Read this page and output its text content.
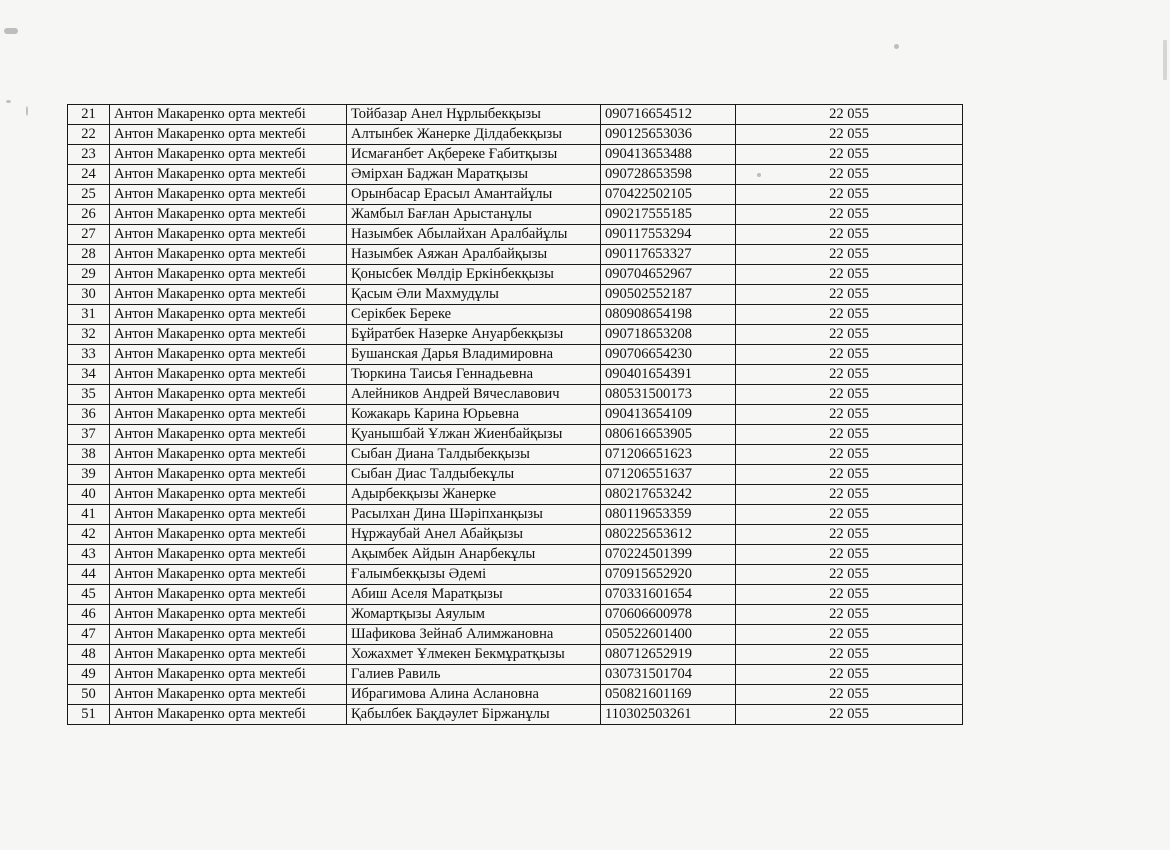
21	Антон Макаренко орта мектебі	Тойбазар Анел Нұрлыбекқызы	090716654512	22 055
22	Антон Макаренко орта мектебі	Алтынбек Жанерке Ділдабекқызы	090125653036	22 055
23	Антон Макаренко орта мектебі	Исмағанбет Ақбереке Ғабитқызы	090413653488	22 055
24	Антон Макаренко орта мектебі	Әмірхан Баджан Маратқызы	090728653598	22 055
25	Антон Макаренко орта мектебі	Орынбасар Ерасыл Амантайұлы	070422502105	22 055
26	Антон Макаренко орта мектебі	Жамбыл Бағлан Арыстанұлы	090217555185	22 055
27	Антон Макаренко орта мектебі	Назымбек Абылайхан Аралбайұлы	090117553294	22 055
28	Антон Макаренко орта мектебі	Назымбек Аяжан Аралбайқызы	090117653327	22 055
29	Антон Макаренко орта мектебі	Қонысбек Мөлдір Еркінбекқызы	090704652967	22 055
30	Антон Макаренко орта мектебі	Қасым Әли Махмудұлы	090502552187	22 055
31	Антон Макаренко орта мектебі	Серікбек Береке	080908654198	22 055
32	Антон Макаренко орта мектебі	Бұйратбек Назерке Ануарбекқызы	090718653208	22 055
33	Антон Макаренко орта мектебі	Бушанская Дарья Владимировна	090706654230	22 055
34	Антон Макаренко орта мектебі	Тюркина Таисья Геннадьевна	090401654391	22 055
35	Антон Макаренко орта мектебі	Алейников Андрей Вячеславович	080531500173	22 055
36	Антон Макаренко орта мектебі	Кожакарь Карина Юрьевна	090413654109	22 055
37	Антон Макаренко орта мектебі	Қуанышбай Ұлжан Жиенбайқызы	080616653905	22 055
38	Антон Макаренко орта мектебі	Сыбан Диана Талдыбекқызы	071206651623	22 055
39	Антон Макаренко орта мектебі	Сыбан Диас Талдыбекұлы	071206551637	22 055
40	Антон Макаренко орта мектебі	Адырбекқызы Жанерке	080217653242	22 055
41	Антон Макаренко орта мектебі	Расылхан Дина Шәріпханқызы	080119653359	22 055
42	Антон Макаренко орта мектебі	Нұржаубай Анел Абайқызы	080225653612	22 055
43	Антон Макаренко орта мектебі	Ақымбек Айдын Анарбекұлы	070224501399	22 055
44	Антон Макаренко орта мектебі	Ғалымбекқызы Әдемі	070915652920	22 055
45	Антон Макаренко орта мектебі	Абиш Аселя Маратқызы	070331601654	22 055
46	Антон Макаренко орта мектебі	Жомартқызы Аяулым	070606600978	22 055
47	Антон Макаренко орта мектебі	Шафикова Зейнаб Алимжановна	050522601400	22 055
48	Антон Макаренко орта мектебі	Хожахмет Ұлмекен Бекмұратқызы	080712652919	22 055
49	Антон Макаренко орта мектебі	Галиев Равиль	030731501704	22 055
50	Антон Макаренко орта мектебі	Ибрагимова Алина Аслановна	050821601169	22 055
51	Антон Макаренко орта мектебі	Қабылбек Бақдәулет Біржанұлы	110302503261	22 055
